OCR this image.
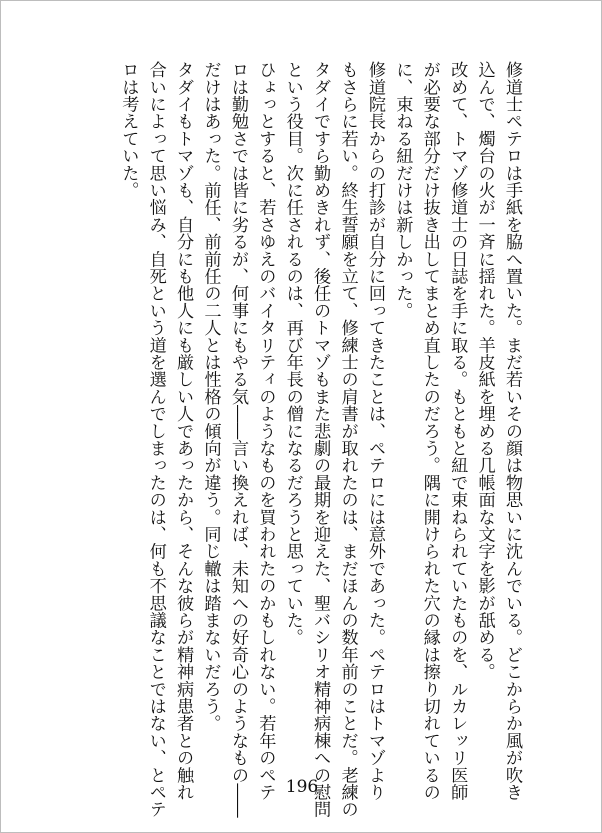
修道士ペテロは手紙を脇へ置いた。まだ若いその顔は物思いに沈んでいる。どこからか風が吹き

込んで、燭台の火が一斉に揺れた。羊皮紙を埋める几帳面な文字を影が舐める。

改めて、トマゾ修道士の日誌を手に取る。もともと紐で束ねられていたものを、ルカレッリ医師

が必要な部分だけ抜き出してまとめ直したのだろう。隅に開けられた穴の縁は擦り切れているの

に、束ねる紐だけは新しかった。

修道院長からの打診が自分に回ってきたことは、ペテロには意外であった。ペテロはトマゾより

もさらに若い。終生誓願を立て、修練士の肩書が取れたのは、まだほんの数年前のことだ。老練の

タダイですら勤めきれず、後任のトマゾもまた悲劇の最期を迎えた、聖バシリオ精神病棟への慰問

という役目。次に任されるのは、再び年長の僧になるだろうと思っていた。

ひょっとすると、若さゆえのバイタリティのようなものを買われたのかもしれない。若年のペテ

ロは勤勉さでは皆に劣るが、何事にもやる気――言い換えれば、未知への好奇心のようなもの――

だけはあった。前任、前前任の二人とは性格の傾向が違う。同じ轍は踏まないだろう。

タダイもトマゾも、自分にも他人にも厳しい人であったから、そんな彼らが精神病患者との触れ

合いによって思い悩み、自死という道を選んでしまったのは、何も不思議なことではない、とペテ

ロは考えていた。

196
